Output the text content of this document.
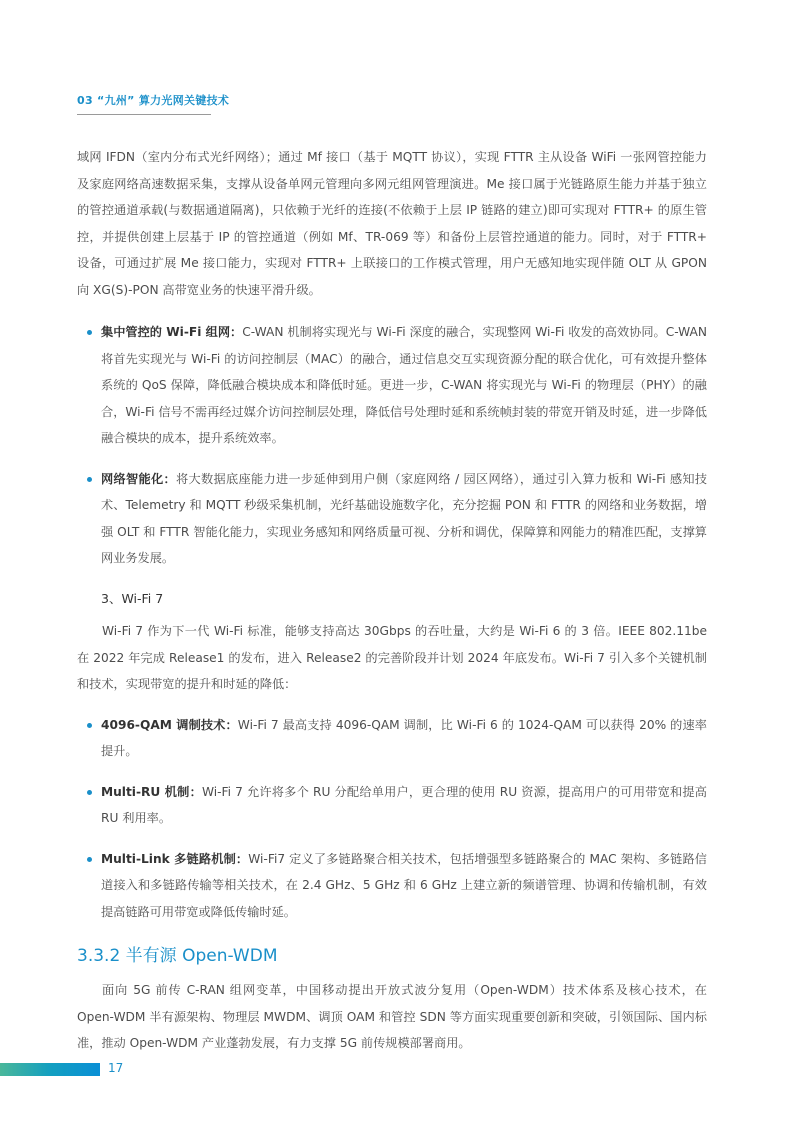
03 “九州” 算力光网关键技术

域网 IFDN（室内分布式光纤网络）；通过 Mf 接口（基于 MQTT 协议），实现 FTTR 主从设备 WiFi 一张网管控能力及家庭网络高速数据采集，支撑从设备单网元管理向多网元组网管理演进。Me 接口属于光链路原生能力并基于独立的管控通道承载(与数据通道隔离)，只依赖于光纤的连接(不依赖于上层 IP 链路的建立)即可实现对 FTTR+ 的原生管控，并提供创建上层基于 IP 的管控通道（例如 Mf、TR-069 等）和备份上层管控通道的能力。同时，对于 FTTR+ 设备，可通过扩展 Me 接口能力，实现对 FTTR+ 上联接口的工作模式管理，用户无感知地实现伴随 OLT 从 GPON 向 XG(S)-PON 高带宽业务的快速平滑升级。

集中管控的 Wi-Fi 组网：C-WAN 机制将实现光与 Wi-Fi 深度的融合，实现整网 Wi-Fi 收发的高效协同。C-WAN 将首先实现光与 Wi-Fi 的访问控制层（MAC）的融合，通过信息交互实现资源分配的联合优化，可有效提升整体系统的 QoS 保障，降低融合模块成本和降低时延。更进一步，C-WAN 将实现光与 Wi-Fi 的物理层（PHY）的融合，Wi-Fi 信号不需再经过媒介访问控制层处理，降低信号处理时延和系统帧封装的带宽开销及时延，进一步降低融合模块的成本，提升系统效率。
网络智能化：将大数据底座能力进一步延伸到用户侧（家庭网络 / 园区网络），通过引入算力板和 Wi-Fi 感知技术、Telemetry 和 MQTT 秒级采集机制，光纤基础设施数字化，充分挖掘 PON 和 FTTR 的网络和业务数据，增强 OLT 和 FTTR 智能化能力，实现业务感知和网络质量可视、分析和调优，保障算和网能力的精准匹配，支撑算网业务发展。
3、Wi-Fi 7

Wi-Fi 7 作为下一代 Wi-Fi 标准，能够支持高达 30Gbps 的吞吐量，大约是 Wi-Fi 6 的 3 倍。IEEE 802.11be 在 2022 年完成 Release1 的发布，进入 Release2 的完善阶段并计划 2024 年底发布。Wi-Fi 7 引入多个关键机制和技术，实现带宽的提升和时延的降低：

4096-QAM 调制技术：Wi-Fi 7 最高支持 4096-QAM 调制，比 Wi-Fi 6 的 1024-QAM 可以获得 20% 的速率提升。
Multi-RU 机制：Wi-Fi 7 允许将多个 RU 分配给单用户，更合理的使用 RU 资源，提高用户的可用带宽和提高 RU 利用率。
Multi-Link 多链路机制：Wi-Fi7 定义了多链路聚合相关技术，包括增强型多链路聚合的 MAC 架构、多链路信道接入和多链路传输等相关技术，在 2.4 GHz、5 GHz 和 6 GHz 上建立新的频谱管理、协调和传输机制，有效提高链路可用带宽或降低传输时延。
3.3.2 半有源 Open-WDM

面向 5G 前传 C-RAN 组网变革，中国移动提出开放式波分复用（Open-WDM）技术体系及核心技术，在 Open-WDM 半有源架构、物理层 MWDM、调顶 OAM 和管控 SDN 等方面实现重要创新和突破，引领国际、国内标准，推动 Open-WDM 产业蓬勃发展，有力支撑 5G 前传规模部署商用。

17
